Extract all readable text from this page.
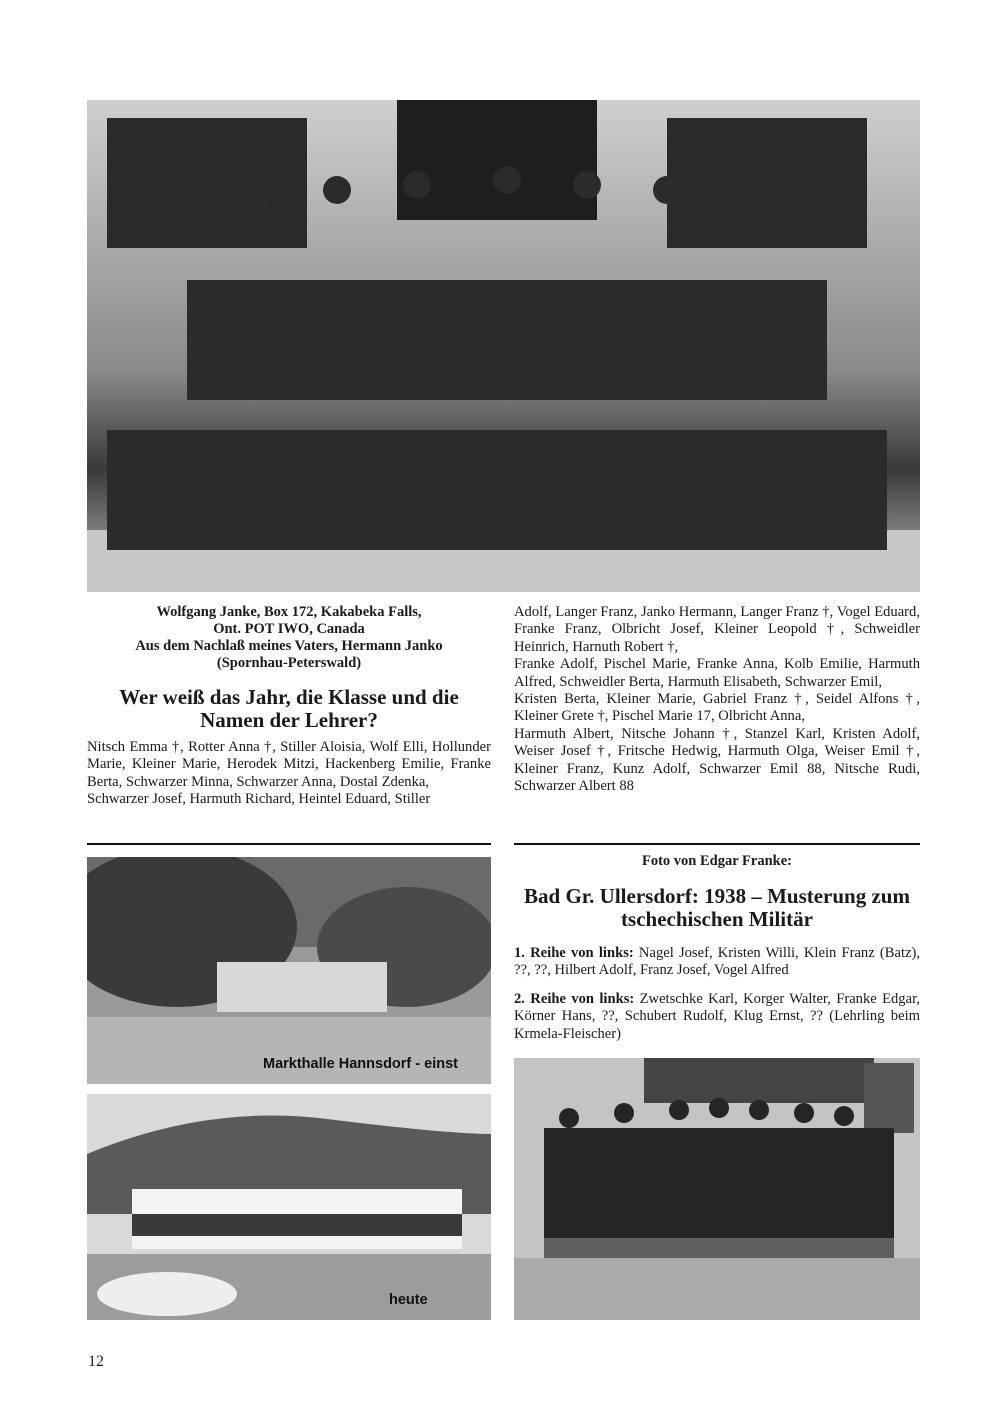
Wolfgang Janke, Box 172, Kakabeka Falls,
Ont. POT IWO, Canada
Aus dem Nachlaß meines Vaters, Hermann Janko
(Spornhau-Peterswald)
Wer weiß das Jahr, die Klasse und die Namen der Lehrer?

Nitsch Emma †, Rotter Anna †, Stiller Aloisia, Wolf Elli, Hollunder Marie, Kleiner Marie, Herodek Mitzi, Hackenberg Emilie, Franke Berta, Schwarzer Minna, Schwarzer Anna, Dostal Zdenka,

Schwarzer Josef, Harmuth Richard, Heintel Eduard, Stiller

Adolf, Langer Franz, Janko Hermann, Langer Franz †, Vogel Eduard, Franke Franz, Olbricht Josef, Kleiner Leopold †, Schweidler Heinrich, Harnuth Robert †,

Franke Adolf, Pischel Marie, Franke Anna, Kolb Emilie, Harmuth Alfred, Schweidler Berta, Harmuth Elisabeth, Schwarzer Emil,

Kristen Berta, Kleiner Marie, Gabriel Franz †, Seidel Alfons †, Kleiner Grete †, Pischel Marie 17, Olbricht Anna,

Harmuth Albert, Nitsche Johann †, Stanzel Karl, Kristen Adolf, Weiser Josef †, Fritsche Hedwig, Harmuth Olga, Weiser Emil †, Kleiner Franz, Kunz Adolf, Schwarzer Emil 88, Nitsche Rudi, Schwarzer Albert 88

Markthalle Hannsdorf - einst
heute
Foto von Edgar Franke:
Bad Gr. Ullersdorf: 1938 – Musterung zum tschechischen Militär
1. Reihe von links: Nagel Josef, Kristen Willi, Klein Franz (Batz), ??, ??, Hilbert Adolf, Franz Josef, Vogel Alfred
2. Reihe von links: Zwetschke Karl, Korger Walter, Franke Edgar, Körner Hans, ??, Schubert Rudolf, Klug Ernst, ?? (Lehrling beim Krmela-Fleischer)
12
